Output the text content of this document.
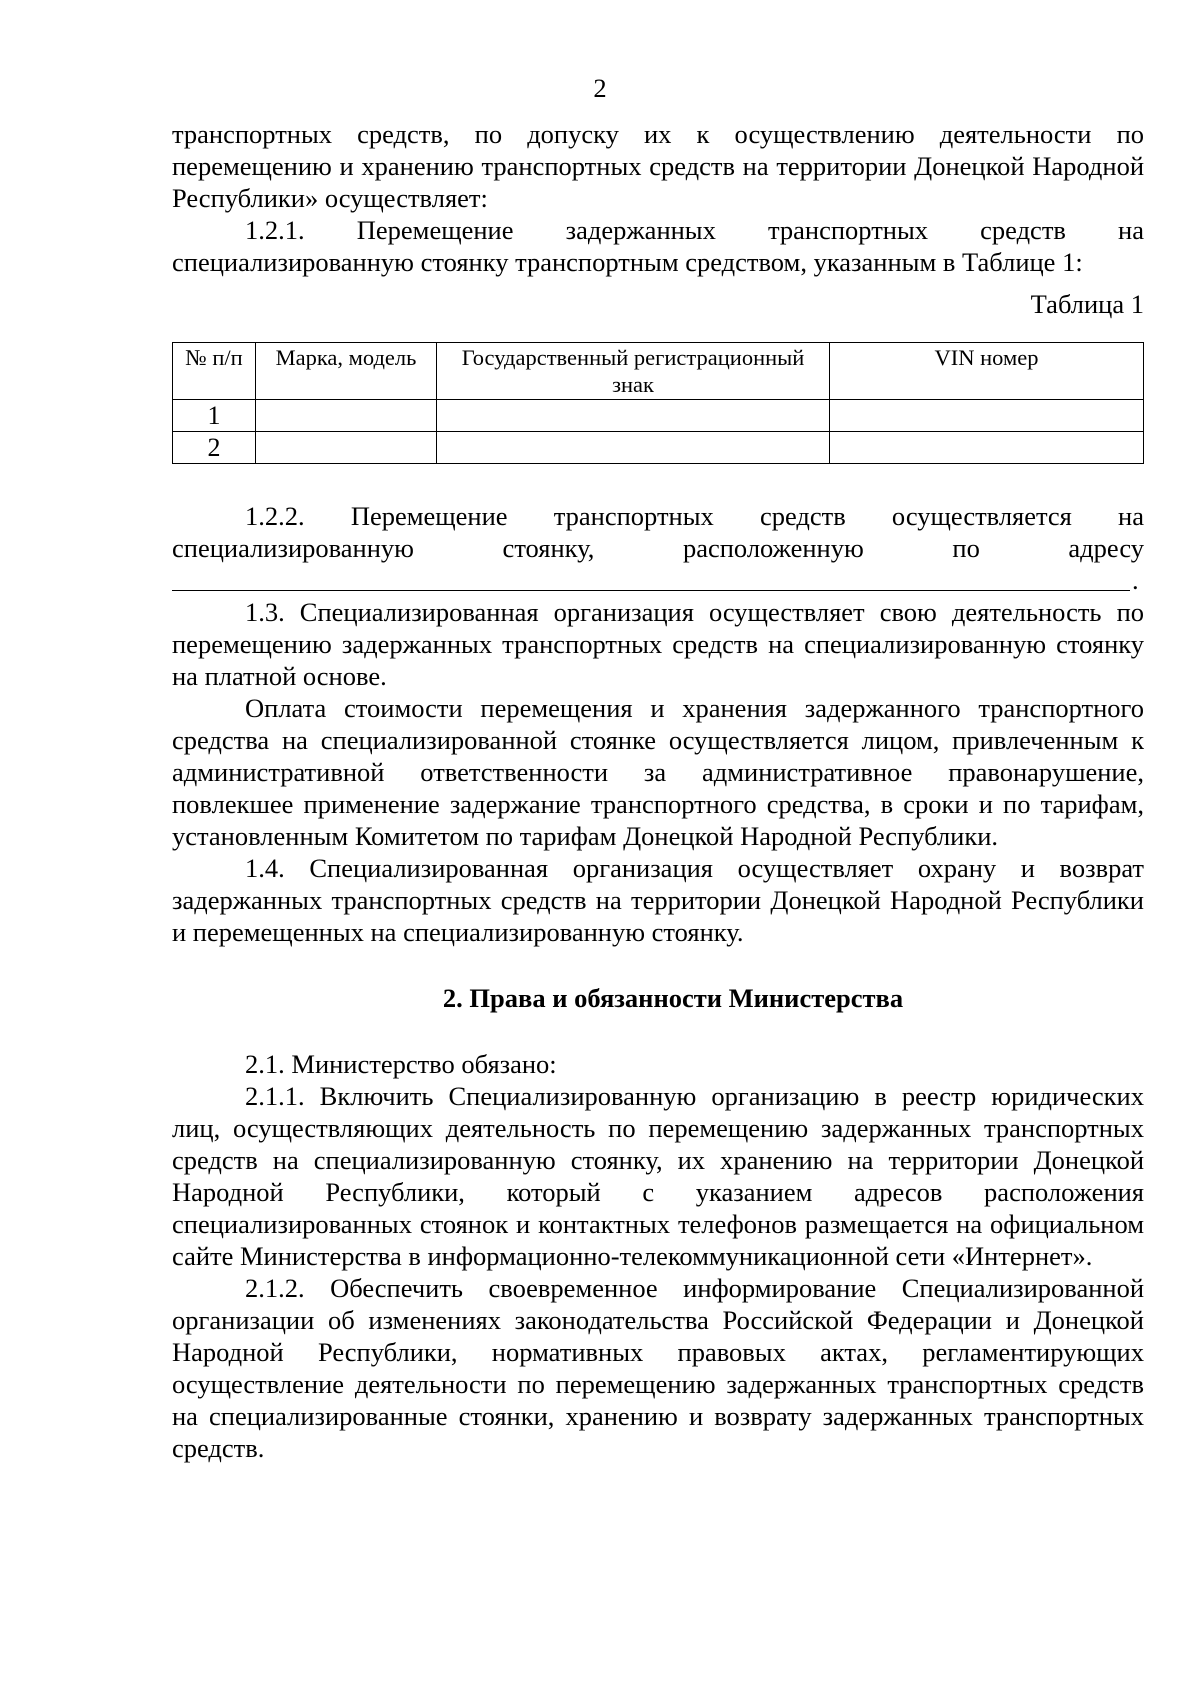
2

транспортных средств, по допуску их к осуществлению деятельности по перемещению и хранению транспортных средств на территории Донецкой Народной Республики» осуществляет:

1.2.1. Перемещение задержанных транспортных средств на специализированную стоянку транспортным средством, указанным в Таблице 1:

Таблица 1

№ п/п	Марка, модель	Государственный регистрационный знак	VIN номер
1			
2			

1.2.2. Перемещение транспортных средств осуществляется на специализированную стоянку, расположенную по адресу

.

1.3. Специализированная организация осуществляет свою деятельность по перемещению задержанных транспортных средств на специализированную стоянку на платной основе.

Оплата стоимости перемещения и хранения задержанного транспортного средства на специализированной стоянке осуществляется лицом, привлеченным к административной ответственности за административное правонарушение, повлекшее применение задержание транспортного средства, в сроки и по тарифам, установленным Комитетом по тарифам Донецкой Народной Республики.

1.4. Специализированная организация осуществляет охрану и возврат задержанных транспортных средств на территории Донецкой Народной Республики и перемещенных на специализированную стоянку.

2. Права и обязанности Министерства

2.1. Министерство обязано:

2.1.1. Включить Специализированную организацию в реестр юридических лиц, осуществляющих деятельность по перемещению задержанных транспортных средств на специализированную стоянку, их хранению на территории Донецкой Народной Республики, который с указанием адресов расположения специализированных стоянок и контактных телефонов размещается на официальном сайте Министерства в информационно-телекоммуникационной сети «Интернет».

2.1.2. Обеспечить своевременное информирование Специализированной организации об изменениях законодательства Российской Федерации и Донецкой Народной Республики, нормативных правовых актах, регламентирующих осуществление деятельности по перемещению задержанных транспортных средств на специализированные стоянки, хранению и возврату задержанных транспортных средств.
